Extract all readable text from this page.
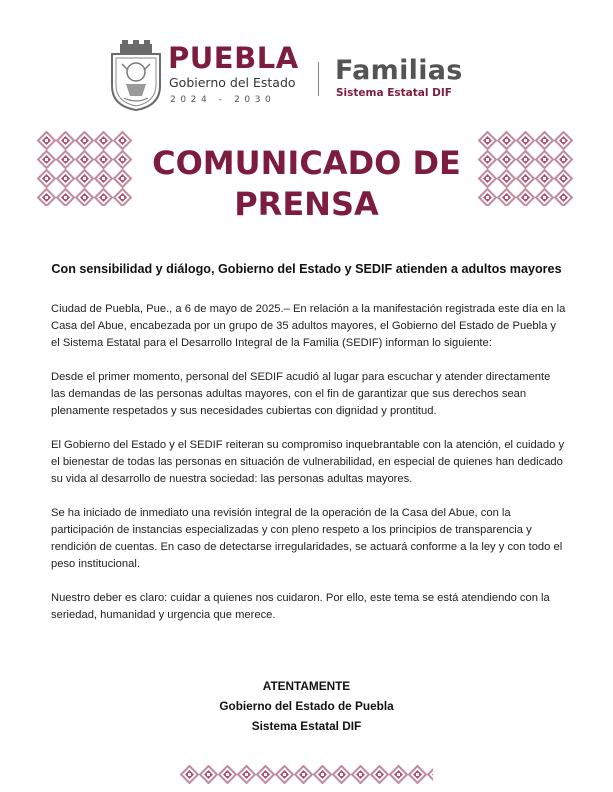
PUEBLA
Gobierno del Estado
2024 - 2030
Familias
Sistema Estatal DIF
COMUNICADO DE
PRENSA
Con sensibilidad y diálogo, Gobierno del Estado y SEDIF atienden a adultos mayores

Ciudad de Puebla, Pue., a 6 de mayo de 2025.– En relación a la manifestación registrada este día en la Casa del Abue, encabezada por un grupo de 35 adultos mayores, el Gobierno del Estado de Puebla y el Sistema Estatal para el Desarrollo Integral de la Familia (SEDIF) informan lo siguiente:

Desde el primer momento, personal del SEDIF acudió al lugar para escuchar y atender directamente las demandas de las personas adultas mayores, con el fin de garantizar que sus derechos sean plenamente respetados y sus necesidades cubiertas con dignidad y prontitud.

El Gobierno del Estado y el SEDIF reiteran su compromiso inquebrantable con la atención, el cuidado y el bienestar de todas las personas en situación de vulnerabilidad, en especial de quienes han dedicado su vida al desarrollo de nuestra sociedad: las personas adultas mayores.

Se ha iniciado de inmediato una revisión integral de la operación de la Casa del Abue, con la participación de instancias especializadas y con pleno respeto a los principios de transparencia y rendición de cuentas. En caso de detectarse irregularidades, se actuará conforme a la ley y con todo el peso institucional.

Nuestro deber es claro: cuidar a quienes nos cuidaron. Por ello, este tema se está atendiendo con la seriedad, humanidad y urgencia que merece.

ATENTAMENTE
Gobierno del Estado de Puebla
Sistema Estatal DIF
